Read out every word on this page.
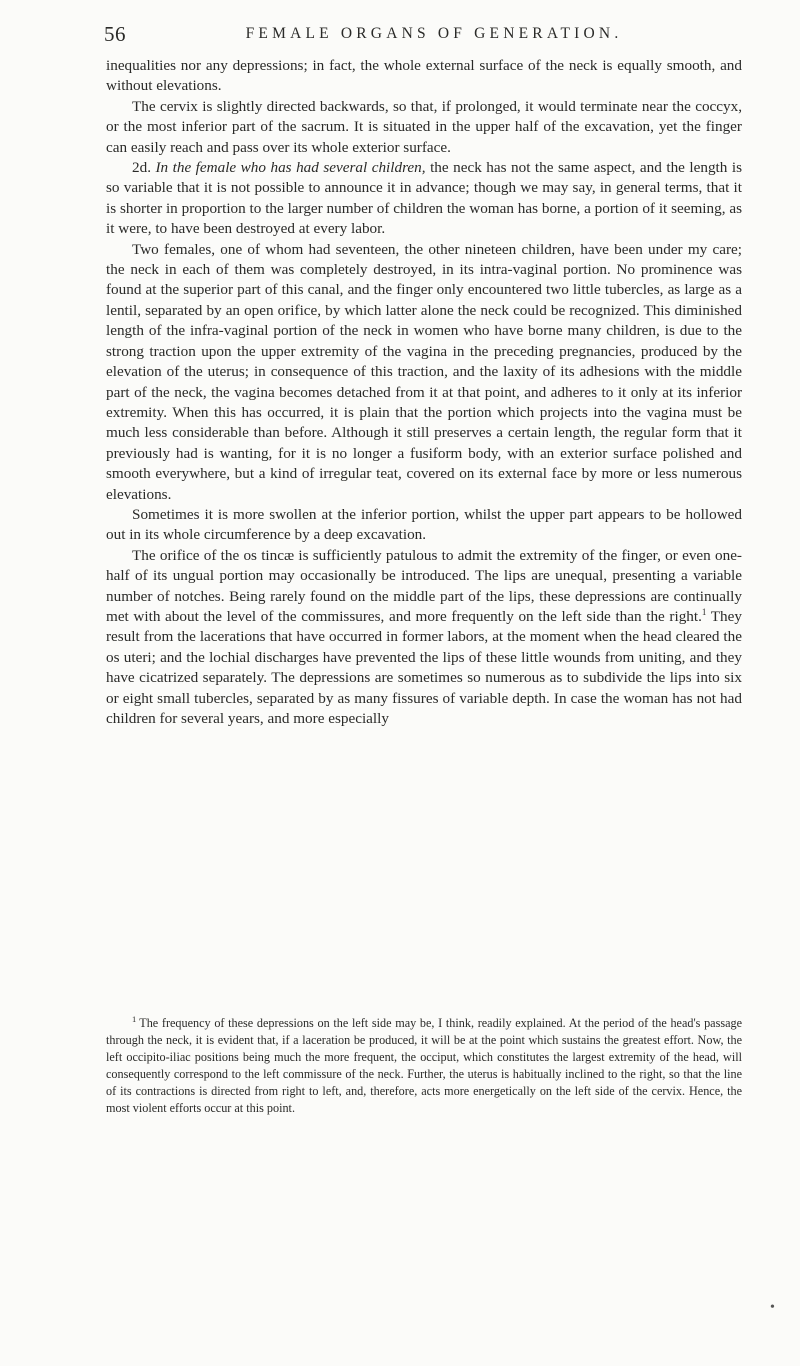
56	FEMALE ORGANS OF GENERATION.

inequalities nor any depressions; in fact, the whole external surface of the neck is equally smooth, and without elevations.

The cervix is slightly directed backwards, so that, if prolonged, it would terminate near the coccyx, or the most inferior part of the sacrum. It is situated in the upper half of the excavation, yet the finger can easily reach and pass over its whole exterior surface.

2d. In the female who has had several children, the neck has not the same aspect, and the length is so variable that it is not possible to announce it in advance; though we may say, in general terms, that it is shorter in proportion to the larger number of children the woman has borne, a portion of it seeming, as it were, to have been destroyed at every labor.

Two females, one of whom had seventeen, the other nineteen children, have been under my care; the neck in each of them was completely destroyed, in its intra-vaginal portion. No prominence was found at the superior part of this canal, and the finger only encountered two little tubercles, as large as a lentil, separated by an open orifice, by which latter alone the neck could be recognized. This diminished length of the infra-vaginal portion of the neck in women who have borne many children, is due to the strong traction upon the upper extremity of the vagina in the preceding pregnancies, produced by the elevation of the uterus; in consequence of this traction, and the laxity of its adhesions with the middle part of the neck, the vagina becomes detached from it at that point, and adheres to it only at its inferior extremity. When this has occurred, it is plain that the portion which projects into the vagina must be much less considerable than before. Although it still preserves a certain length, the regular form that it previously had is wanting, for it is no longer a fusiform body, with an exterior surface polished and smooth everywhere, but a kind of irregular teat, covered on its external face by more or less numerous elevations.

Sometimes it is more swollen at the inferior portion, whilst the upper part appears to be hollowed out in its whole circumference by a deep excavation.

The orifice of the os tincæ is sufficiently patulous to admit the extremity of the finger, or even one-half of its ungual portion may occasionally be introduced. The lips are unequal, presenting a variable number of notches. Being rarely found on the middle part of the lips, these depressions are continually met with about the level of the commissures, and more frequently on the left side than the right.$^1$ They result from the lacerations that have occurred in former labors, at the moment when the head cleared the os uteri; and the lochial discharges have prevented the lips of these little wounds from uniting, and they have cicatrized separately. The depressions are sometimes so numerous as to subdivide the lips into six or eight small tubercles, separated by as many fissures of variable depth. In case the woman has not had children for several years, and more especially

$^1$ The frequency of these depressions on the left side may be, I think, readily explained. At the period of the head's passage through the neck, it is evident that, if a laceration be produced, it will be at the point which sustains the greatest effort. Now, the left occipito-iliac positions being much the more frequent, the occiput, which constitutes the largest extremity of the head, will consequently correspond to the left commissure of the neck. Further, the uterus is habitually inclined to the right, so that the line of its contractions is directed from right to left, and, therefore, acts more energetically on the left side of the cervix. Hence, the most violent efforts occur at this point.

•
